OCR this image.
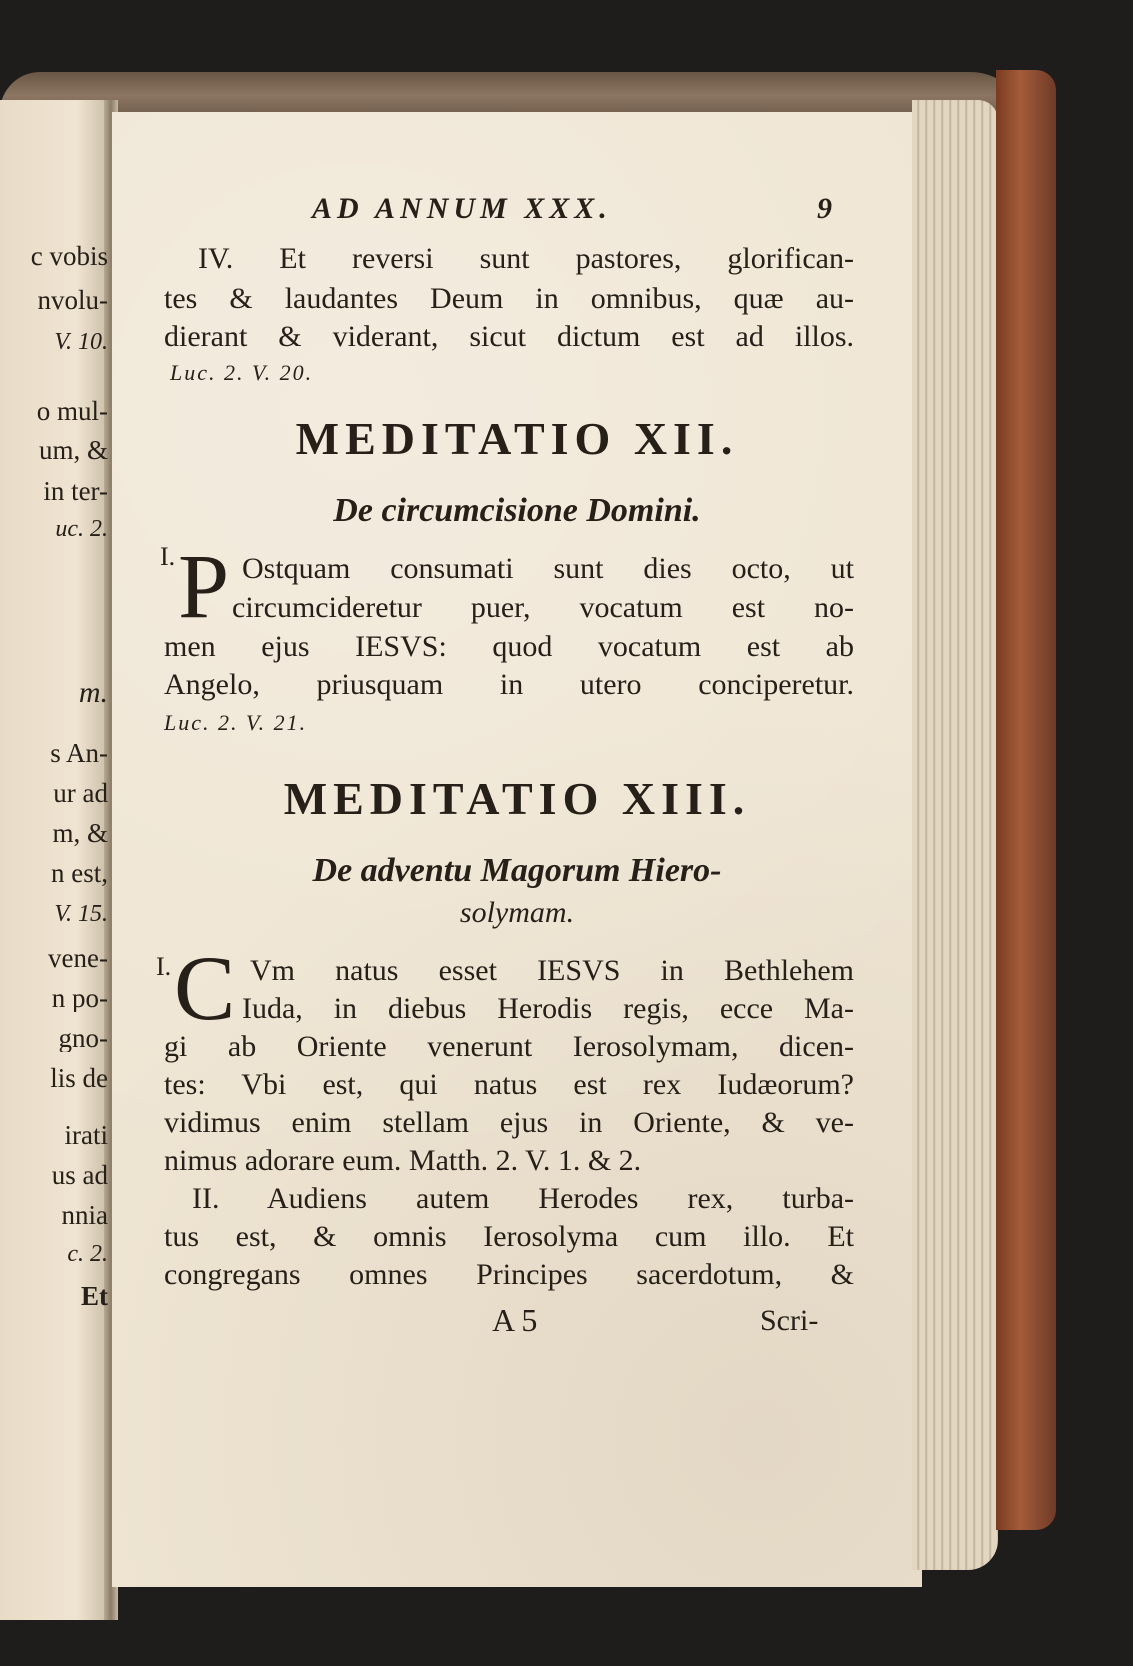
c vobis
nvolu-
V. 10.
o mul-
um, &
in ter-
uc. 2.
m.
s An-
ur ad
m, &
n est,
V. 15.
vene-
n po-
gno-
lis de
irati
us ad
nnia
c. 2.
Et
AD ANNUM XXX.	9
IV. Et reversi sunt pastores, glorifican-
tes & laudantes Deum in omnibus, quæ au-
dierant & viderant, sicut dictum est ad illos.
Luc. 2. V. 20.
MEDITATIO XII.
De circumcisione Domini.
I. P Ostquam consumati sunt dies octo, ut
circumcideretur puer, vocatum est no-
men ejus IESVS: quod vocatum est ab
Angelo, priusquam in utero conciperetur.
Luc. 2. V. 21.
MEDITATIO XIII.
De adventu Magorum Hiero-
solymam.
I. C Vm natus esset IESVS in Bethlehem
Iuda, in diebus Herodis regis, ecce Ma-
gi ab Oriente venerunt Ierosolymam, dicen-
tes: Vbi est, qui natus est rex Iudæorum?
vidimus enim stellam ejus in Oriente, & ve-
nimus adorare eum. Matth. 2. V. 1. & 2.
II. Audiens autem Herodes rex, turba-
tus est, & omnis Ierosolyma cum illo. Et
congregans omnes Principes sacerdotum, &
A 5	Scri-
